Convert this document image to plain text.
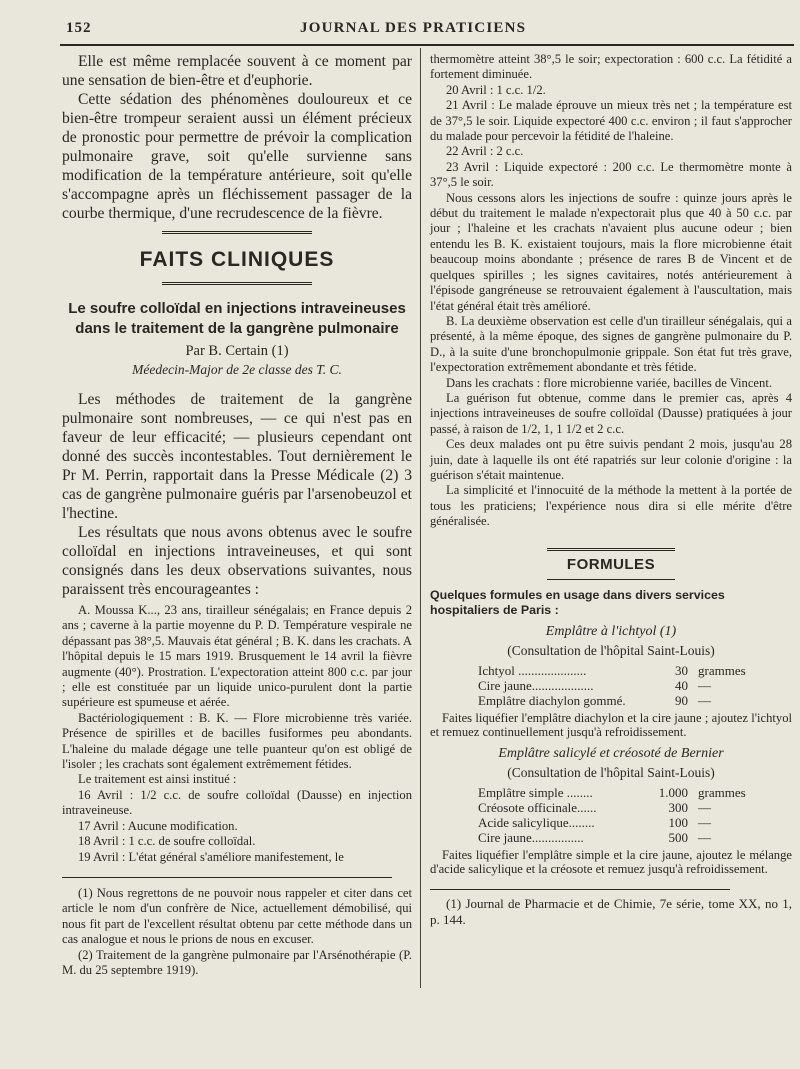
152	JOURNAL DES PRATICIENS

Elle est même remplacée souvent à ce moment par une sensation de bien-être et d'euphorie.

Cette sédation des phénomènes douloureux et ce bien-être trompeur seraient aussi un élément précieux de pronostic pour permettre de prévoir la complication pulmonaire grave, soit qu'elle survienne sans modification de la température antérieure, soit qu'elle s'accompagne après un fléchissement passager de la courbe thermique, d'une recrudescence de la fièvre.

FAITS CLINIQUES
Le soufre colloïdal en injections intraveineuses dans le traitement de la gangrène pulmonaire
Par B. Certain (1)
Méedecin-Major de 2e classe des T. C.

Les méthodes de traitement de la gangrène pulmonaire sont nombreuses, — ce qui n'est pas en faveur de leur efficacité; — plusieurs cependant ont donné des succès incontestables. Tout dernièrement le Pr M. Perrin, rapportait dans la Presse Médicale (2) 3 cas de gangrène pulmonaire guéris par l'arsenobeuzol et l'hectine.

Les résultats que nous avons obtenus avec le soufre colloïdal en injections intraveineuses, et qui sont consignés dans les deux observations suivantes, nous paraissent très encourageantes :

A. Moussa K..., 23 ans, tirailleur sénégalais; en France depuis 2 ans ; caverne à la partie moyenne du P. D. Température vespirale ne dépassant pas 38°,5. Mauvais état général ; B. K. dans les crachats. A l'hôpital depuis le 15 mars 1919. Brusquement le 14 avril la fièvre augmente (40°). Prostration. L'expectoration atteint 800 c.c. par jour ; elle est constituée par un liquide unico-purulent dont la partie supérieure est spumeuse et aérée.

Bactériologiquement : B. K. — Flore microbienne très variée. Présence de spirilles et de bacilles fusiformes peu abondants. L'haleine du malade dégage une telle puanteur qu'on est obligé de l'isoler ; les crachats sont également extrêmement fétides.

Le traitement est ainsi institué :

16 Avril : 1/2 c.c. de soufre colloïdal (Dausse) en injection intraveineuse.

17 Avril : Aucune modification.

18 Avril : 1 c.c. de soufre colloïdal.

19 Avril : L'état général s'améliore manifestement, le

(1) Nous regrettons de ne pouvoir nous rappeler et citer dans cet article le nom d'un confrère de Nice, actuellement démobilisé, qui nous fit part de l'excellent résultat obtenu par cette méthode dans un cas analogue et nous le prions de nous en excuser.

(2) Traitement de la gangrène pulmonaire par l'Arsénothérapie (P. M. du 25 septembre 1919).

thermomètre atteint 38°,5 le soir; expectoration : 600 c.c. La fétidité a fortement diminuée.

20 Avril : 1 c.c. 1/2.

21 Avril : Le malade éprouve un mieux très net ; la température est de 37°,5 le soir. Liquide expectoré 400 c.c. environ ; il faut s'approcher du malade pour percevoir la fétidité de l'haleine.

22 Avril : 2 c.c.

23 Avril : Liquide expectoré : 200 c.c. Le thermomètre monte à 37°,5 le soir.

Nous cessons alors les injections de soufre : quinze jours après le début du traitement le malade n'expectorait plus que 40 à 50 c.c. par jour ; l'haleine et les crachats n'avaient plus aucune odeur ; bien entendu les B. K. existaient toujours, mais la flore microbienne était beaucoup moins abondante ; présence de rares B de Vincent et de quelques spirilles ; les signes cavitaires, notés antérieurement à l'épisode gangréneuse se retrouvaient également à l'auscultation, mais l'état général était très amélioré.

B. La deuxième observation est celle d'un tirailleur sénégalais, qui a présenté, à la même époque, des signes de gangrène pulmonaire du P. D., à la suite d'une bronchopulmonie grippale. Son état fut très grave, l'expectoration extrêmement abondante et très fétide.

Dans les crachats : flore microbienne variée, bacilles de Vincent.

La guérison fut obtenue, comme dans le premier cas, après 4 injections intraveineuses de soufre colloïdal (Dausse) pratiquées à jour passé, à raison de 1/2, 1, 1 1/2 et 2 c.c.

Ces deux malades ont pu être suivis pendant 2 mois, jusqu'au 28 juin, date à laquelle ils ont été rapatriés sur leur colonie d'origine : la guérison s'était maintenue.

La simplicité et l'innocuité de la méthode la mettent à la portée de tous les praticiens; l'expérience nous dira si elle mérite d'être généralisée.

FORMULES
Quelques formules en usage dans divers services hospitaliers de Paris :
Emplâtre à l'ichtyol (1)
(Consultation de l'hôpital Saint-Louis)
Ichtyol .....................	30 grammes
Cire jaune...................	40 —
Emplâtre diachylon gommé.	90 —
Faites liquéfier l'emplâtre diachylon et la cire jaune ; ajoutez l'ichtyol et remuez continuellement jusqu'à refroidissement.
Emplâtre salicylé et créosoté de Bernier
(Consultation de l'hôpital Saint-Louis)
Emplâtre simple ........	1.000 grammes
Créosote officinale......	300 —
Acide salicylique........	100 —
Cire jaune................	500 —
Faites liquéfier l'emplâtre simple et la cire jaune, ajoutez le mélange d'acide salicylique et la créosote et remuez jusqu'à refroidissement.

(1) Journal de Pharmacie et de Chimie, 7e série, tome XX, no 1, p. 144.
